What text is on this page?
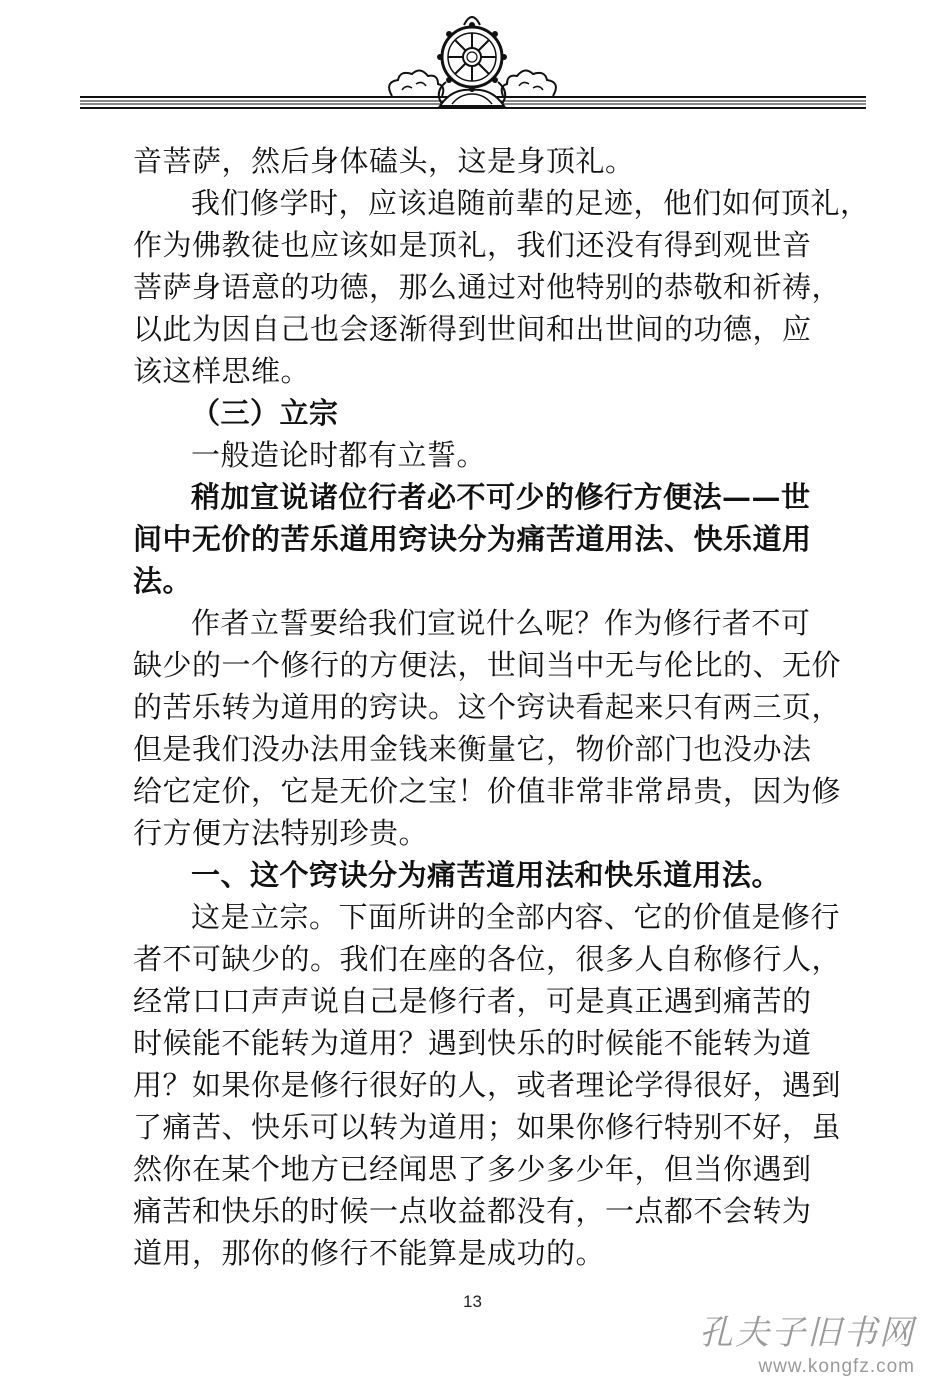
音菩萨，然后身体磕头，这是身顶礼。
我们修学时，应该追随前辈的足迹，他们如何顶礼，
作为佛教徒也应该如是顶礼，我们还没有得到观世音
菩萨身语意的功德，那么通过对他特别的恭敬和祈祷，
以此为因自己也会逐渐得到世间和出世间的功德，应
该这样思维。
（三）立宗
一般造论时都有立誓。
稍加宣说诸位行者必不可少的修行方便法——世
间中无价的苦乐道用窍诀分为痛苦道用法、快乐道用
法。
作者立誓要给我们宣说什么呢？作为修行者不可
缺少的一个修行的方便法，世间当中无与伦比的、无价
的苦乐转为道用的窍诀。这个窍诀看起来只有两三页，
但是我们没办法用金钱来衡量它，物价部门也没办法
给它定价，它是无价之宝！价值非常非常昂贵，因为修
行方便方法特别珍贵。
一、这个窍诀分为痛苦道用法和快乐道用法。
这是立宗。下面所讲的全部内容、它的价值是修行
者不可缺少的。我们在座的各位，很多人自称修行人，
经常口口声声说自己是修行者，可是真正遇到痛苦的
时候能不能转为道用？遇到快乐的时候能不能转为道
用？如果你是修行很好的人，或者理论学得很好，遇到
了痛苦、快乐可以转为道用；如果你修行特别不好，虽
然你在某个地方已经闻思了多少多少年，但当你遇到
痛苦和快乐的时候一点收益都没有，一点都不会转为
道用，那你的修行不能算是成功的。
13
孔夫子旧书网
www.kongfz.com
